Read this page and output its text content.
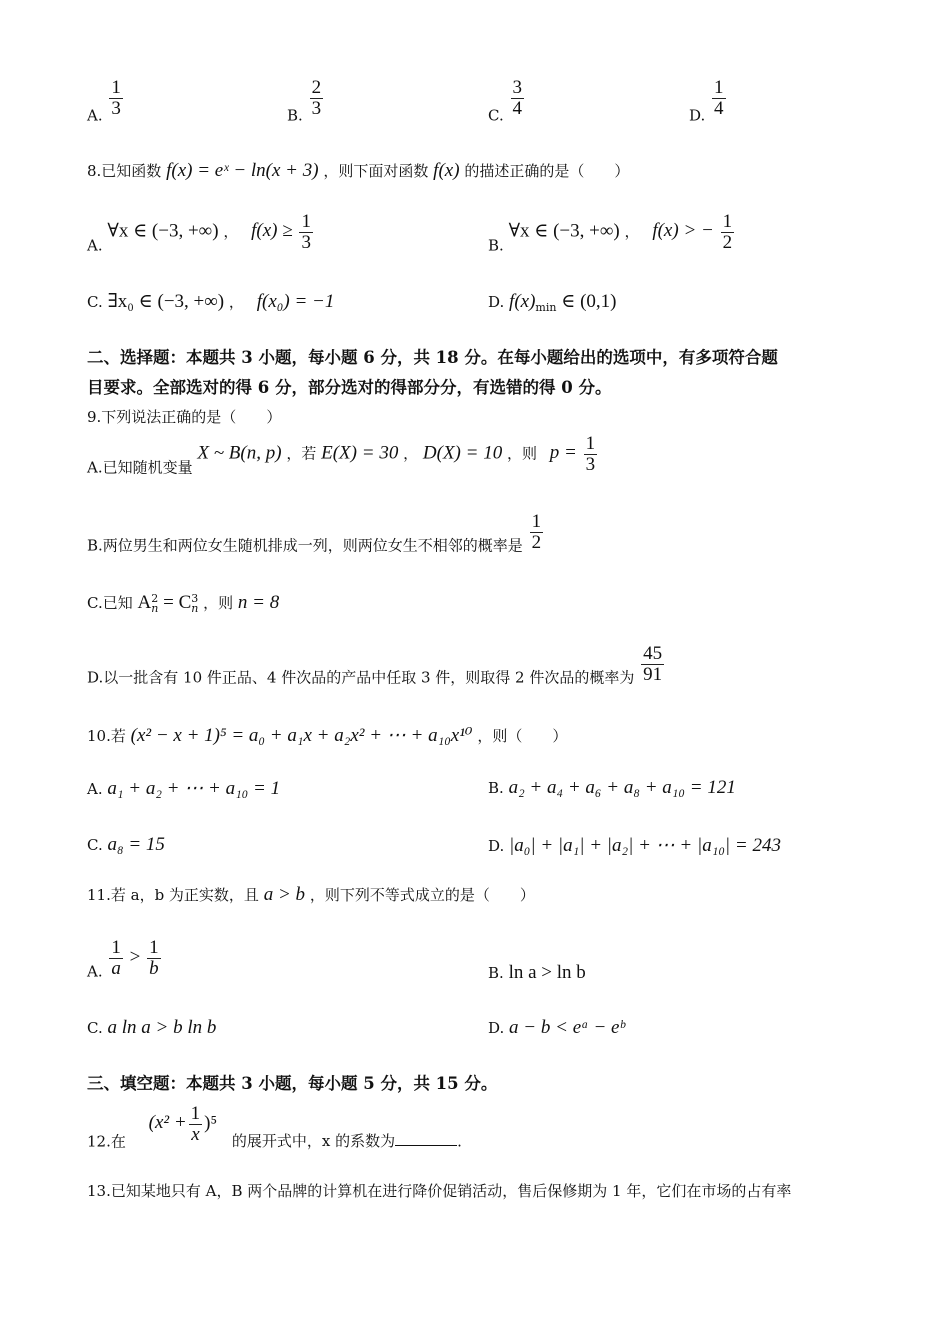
A. $\frac{1}{3}$	B. $\frac{2}{3}$	C. $\frac{3}{4}$	D. $\frac{1}{4}$
8.已知函数 f(x) = eˣ − ln(x + 3) ，则下面对函数 f(x) 的描述正确的是（　　）
A. ∀x ∈ (−3, +∞) ， $f(x) \ge \frac{1}{3}$	B. ∀x ∈ (−3, +∞) ， f(x) > − $\frac{1}{2}$
C. ∃x₀ ∈ (−3, +∞) ， f(x₀) = −1	D. $f(x)_{min}$ ∈ (0,1)
二、选择题：本题共 3 小题，每小题 6 分，共 18 分。在每小题给出的选项中，有多项符合题
目要求。全部选对的得 6 分，部分选对的得部分分，有选错的得 0 分。
9.下列说法正确的是（　　）
A.已知随机变量 X ~ B(n, p) ，若 E(X) = 30 ， D(X) = 10 ，则 $p = \frac{1}{3}$
B.两位男生和两位女生随机排成一列，则两位女生不相邻的概率是 $\frac{1}{2}$
C.已知 A 2
n = C 3
n ，则 n = 8
D.以一批含有 10 件正品、4 件次品的产品中任取 3 件，则取得 2 件次品的概率为 $\frac{45}{91}$
10.若 (x² − x + 1)⁵ = a₀ + a₁x + a₂x² + ⋯ + a₁₀x¹⁰ ，则（　　）
A. a₁ + a₂ + ⋯ + a₁₀ = 1	B. a₂ + a₄ + a₆ + a₈ + a₁₀ = 121
C. a₈ = 15	D. |a₀| + |a₁| + |a₂| + ⋯ + |a₁₀| = 243
11.若 a，b 为正实数，且 a > b ，则下列不等式成立的是（　　）
A. $\frac{1}{a} > \frac{1}{b}$	B. ln a > ln b
C. a ln a > b ln b	D. a − b < eᵃ − eᵇ
三、填空题：本题共 3 小题，每小题 5 分，共 15 分。
12.在 $(x^2 + \frac{1}{x} )^5$ 的展开式中，x 的系数为	.
13.已知某地只有 A，B 两个品牌的计算机在进行降价促销活动，售后保修期为 1 年，它们在市场的占有率
